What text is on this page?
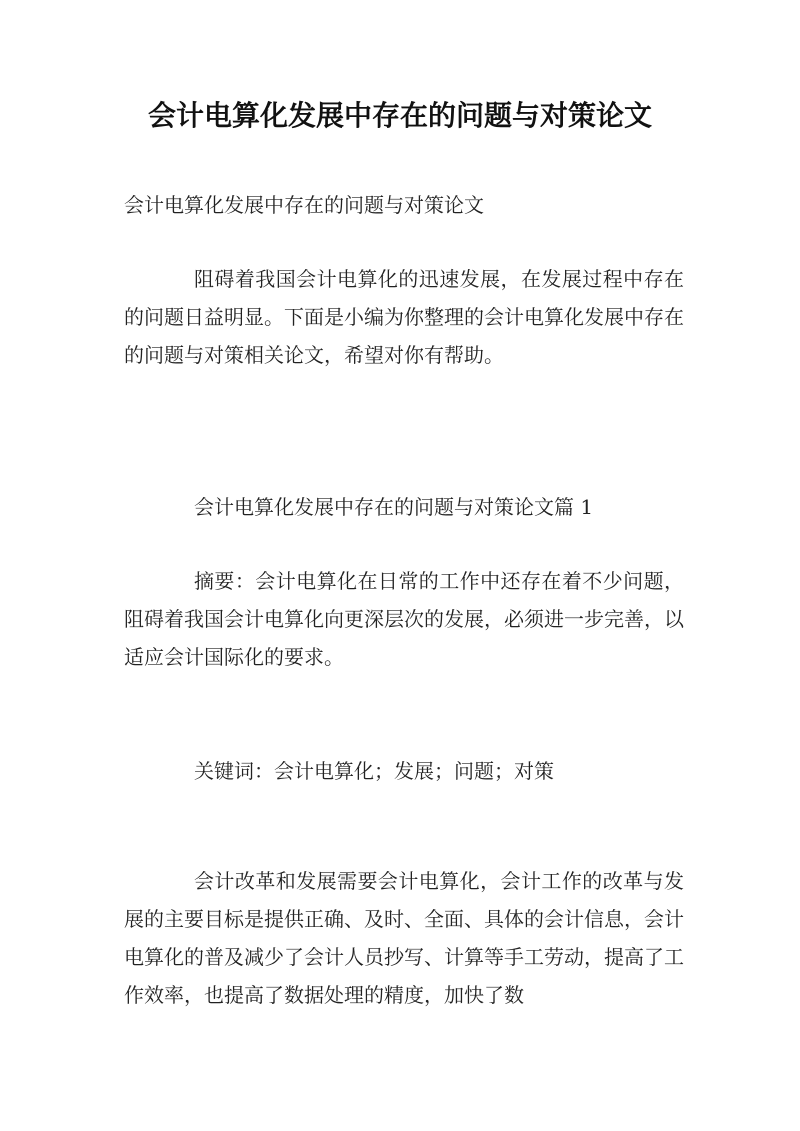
会计电算化发展中存在的问题与对策论文

会计电算化发展中存在的问题与对策论文

阻碍着我国会计电算化的迅速发展，在发展过程中存在的问题日益明显。下面是小编为你整理的会计电算化发展中存在的问题与对策相关论文，希望对你有帮助。

会计电算化发展中存在的问题与对策论文篇 1

摘要：会计电算化在日常的工作中还存在着不少问题，阻碍着我国会计电算化向更深层次的发展，必须进一步完善，以适应会计国际化的要求。

关键词：会计电算化；发展；问题；对策

会计改革和发展需要会计电算化，会计工作的改革与发展的主要目标是提供正确、及时、全面、具体的会计信息，会计电算化的普及减少了会计人员抄写、计算等手工劳动，提高了工作效率，也提高了数据处理的精度，加快了数
